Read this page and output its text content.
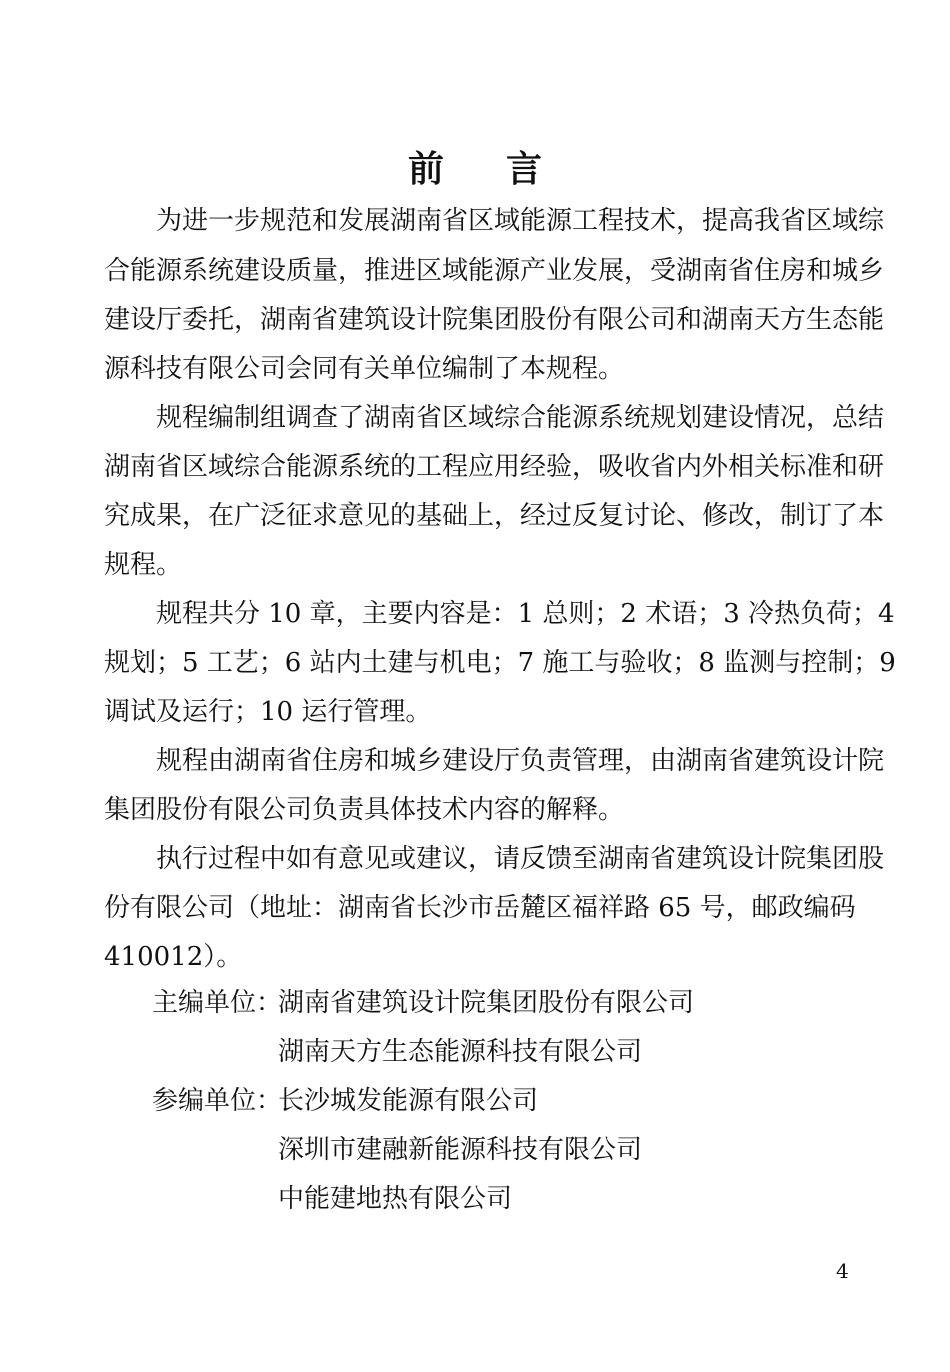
前言
为进一步规范和发展湖南省区域能源工程技术，提高我省区域综
合能源系统建设质量，推进区域能源产业发展，受湖南省住房和城乡
建设厅委托，湖南省建筑设计院集团股份有限公司和湖南天方生态能
源科技有限公司会同有关单位编制了本规程。
规程编制组调查了湖南省区域综合能源系统规划建设情况，总结
湖南省区域综合能源系统的工程应用经验，吸收省内外相关标准和研
究成果，在广泛征求意见的基础上，经过反复讨论、修改，制订了本
规程。
规程共分 10 章，主要内容是：1 总则；2 术语；3 冷热负荷；4
规划；5 工艺；6 站内土建与机电；7 施工与验收；8 监测与控制；9
调试及运行；10 运行管理。
规程由湖南省住房和城乡建设厅负责管理，由湖南省建筑设计院
集团股份有限公司负责具体技术内容的解释。
执行过程中如有意见或建议，请反馈至湖南省建筑设计院集团股
份有限公司（地址：湖南省长沙市岳麓区福祥路 65 号，邮政编码
410012）。
主编单位：
湖南省建筑设计院集团股份有限公司
湖南天方生态能源科技有限公司
参编单位：
长沙城发能源有限公司
深圳市建融新能源科技有限公司
中能建地热有限公司
4
